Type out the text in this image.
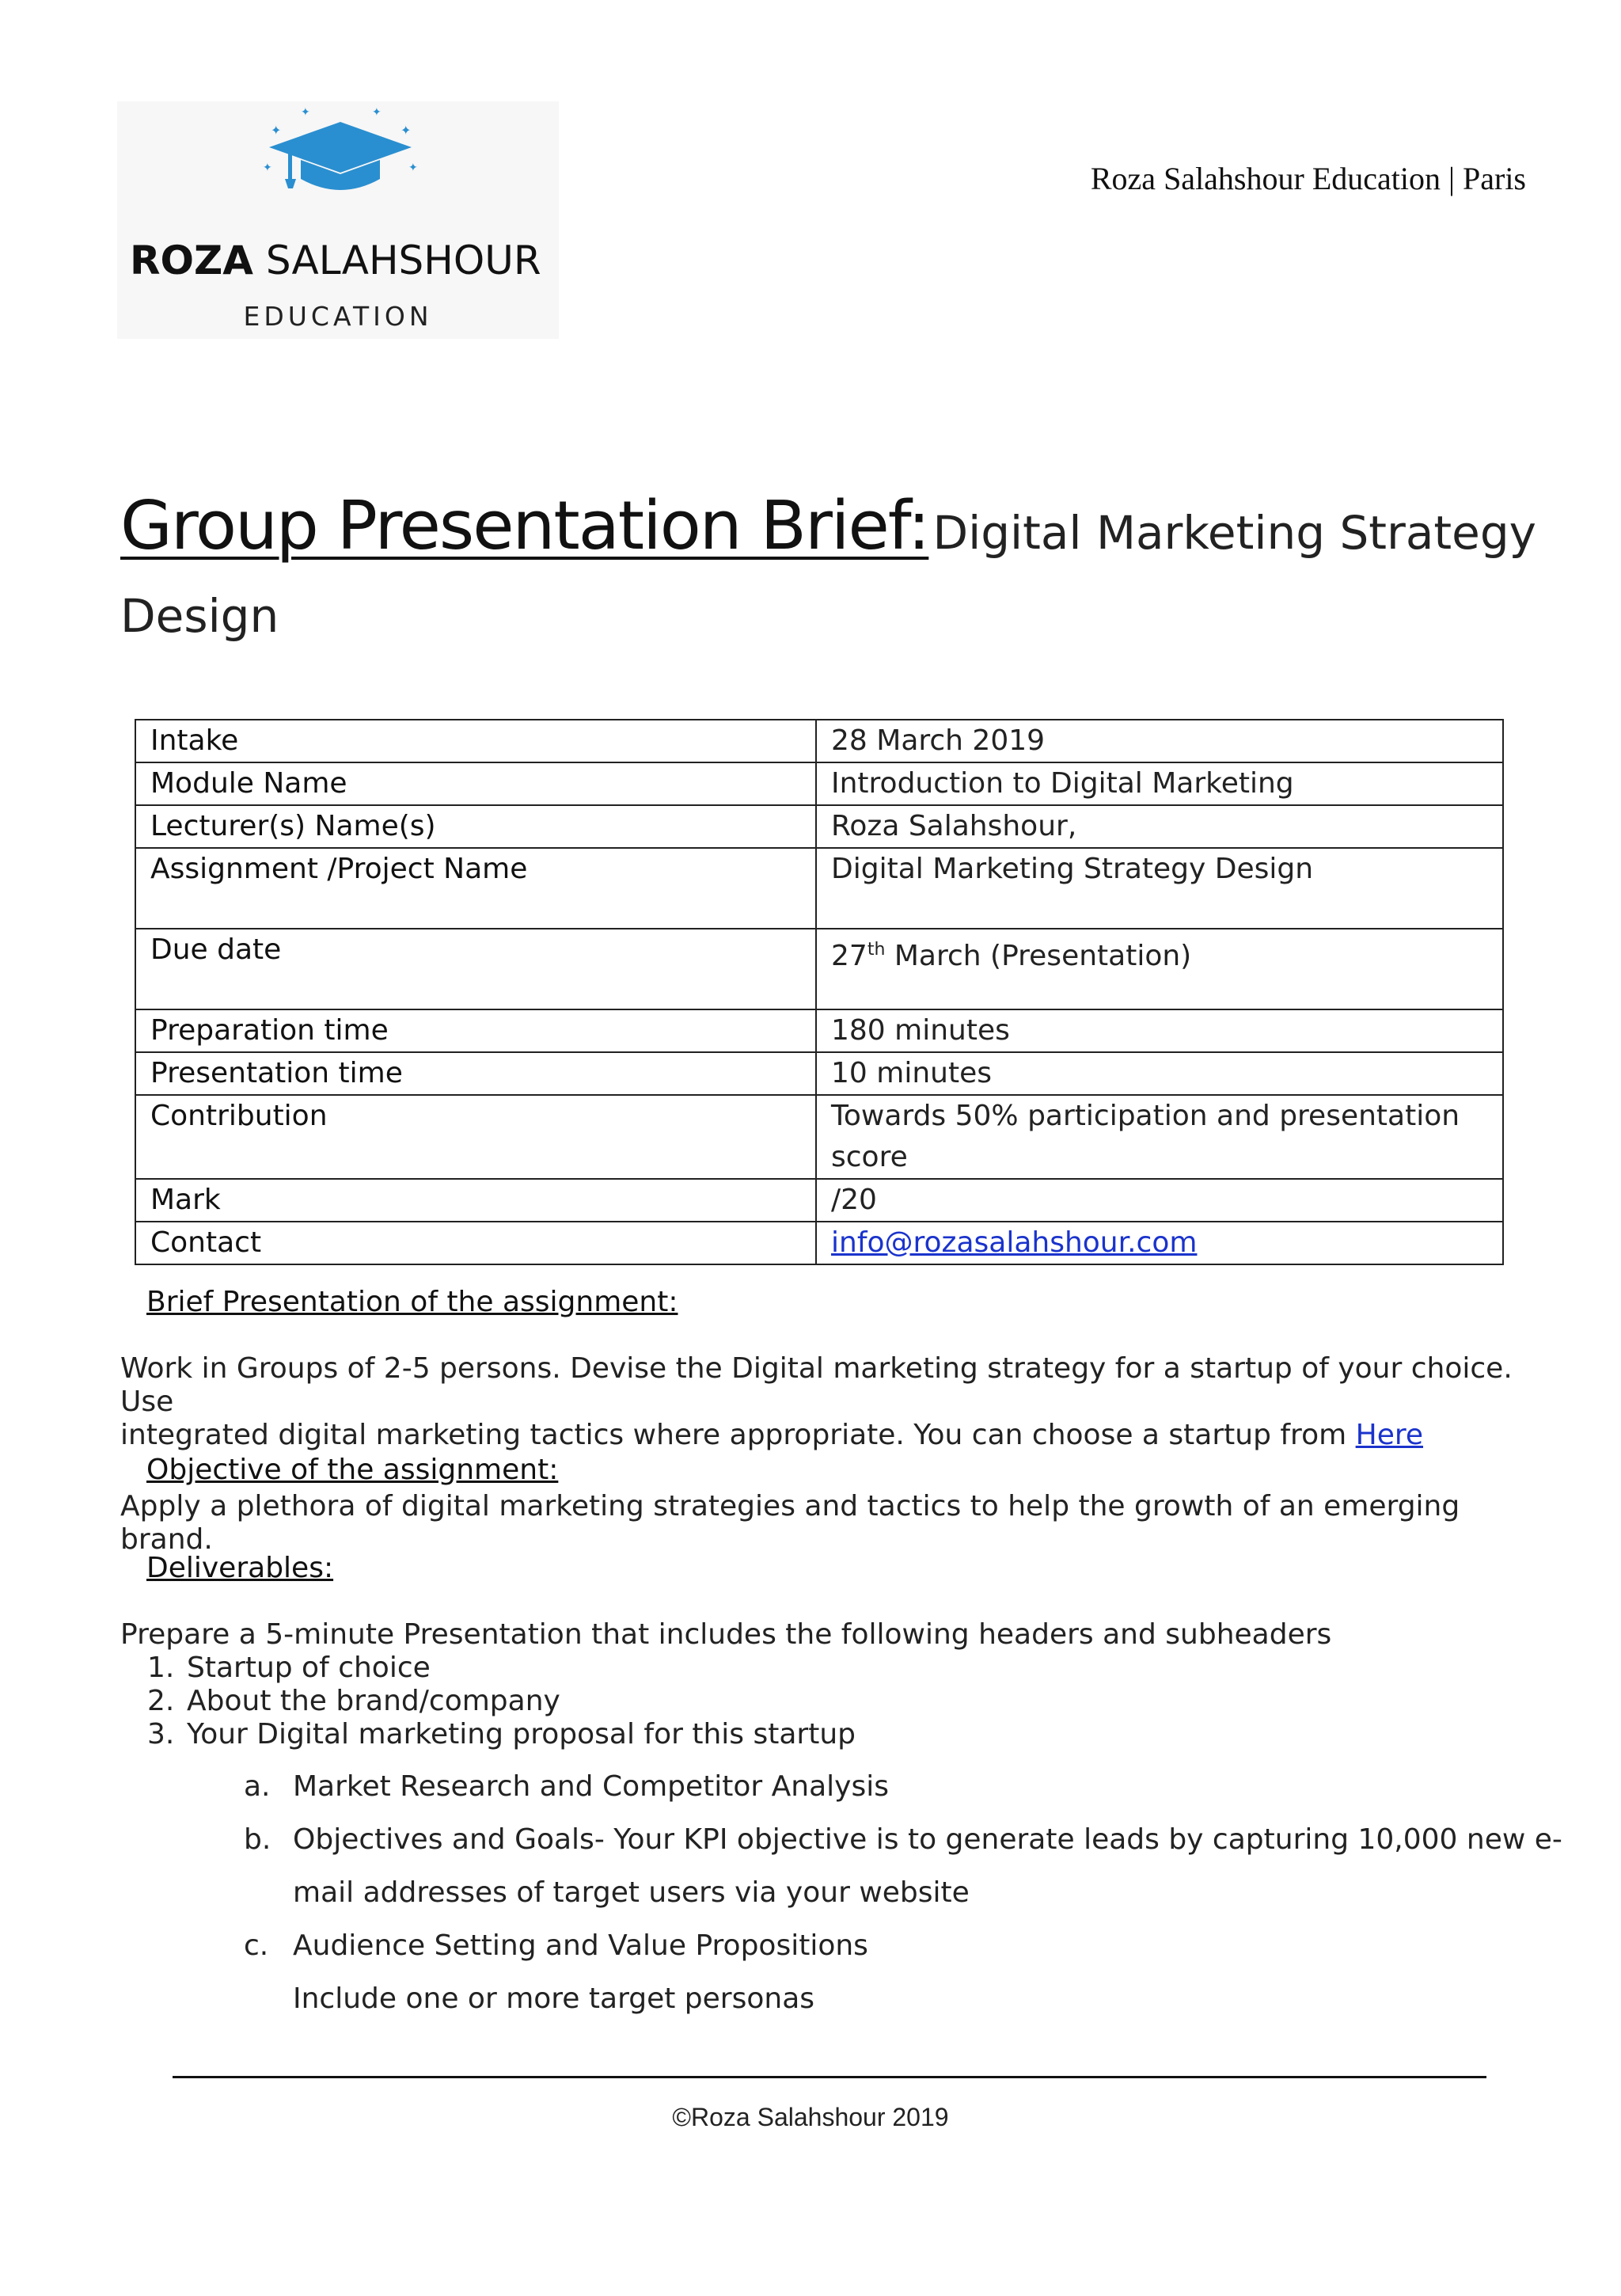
✦
✦	✦
✦
✦	✦
ROZA SALAHSHOUR
EDUCATION
Roza Salahshour Education | Paris
Group Presentation Brief: Digital Marketing Strategy Design
Intake	28 March 2019
Module Name	Introduction to Digital Marketing
Lecturer(s) Name(s)	Roza Salahshour,
Assignment /Project Name	Digital Marketing Strategy Design
Due date	27th March (Presentation)
Preparation time	180 minutes
Presentation time	10 minutes
Contribution	Towards 50% participation and presentation score
Mark	/20
Contact	info@rozasalahshour.com
Brief Presentation of the assignment:
Work in Groups of 2-5 persons. Devise the Digital marketing strategy for a startup of your choice. Use
integrated digital marketing tactics where appropriate. You can choose a startup from Here
Objective of the assignment:
Apply a plethora of digital marketing strategies and tactics to help the growth of an emerging brand.
Deliverables:
Prepare a 5-minute Presentation that includes the following headers and subheaders
1. Startup of choice
2. About the brand/company
3. Your Digital marketing proposal for this startup
a. Market Research and Competitor Analysis
b. Objectives and Goals- Your KPI objective is to generate leads by capturing 10,000 new e-
mail addresses of target users via your website
c. Audience Setting and Value Propositions
Include one or more target personas
©Roza Salahshour 2019
